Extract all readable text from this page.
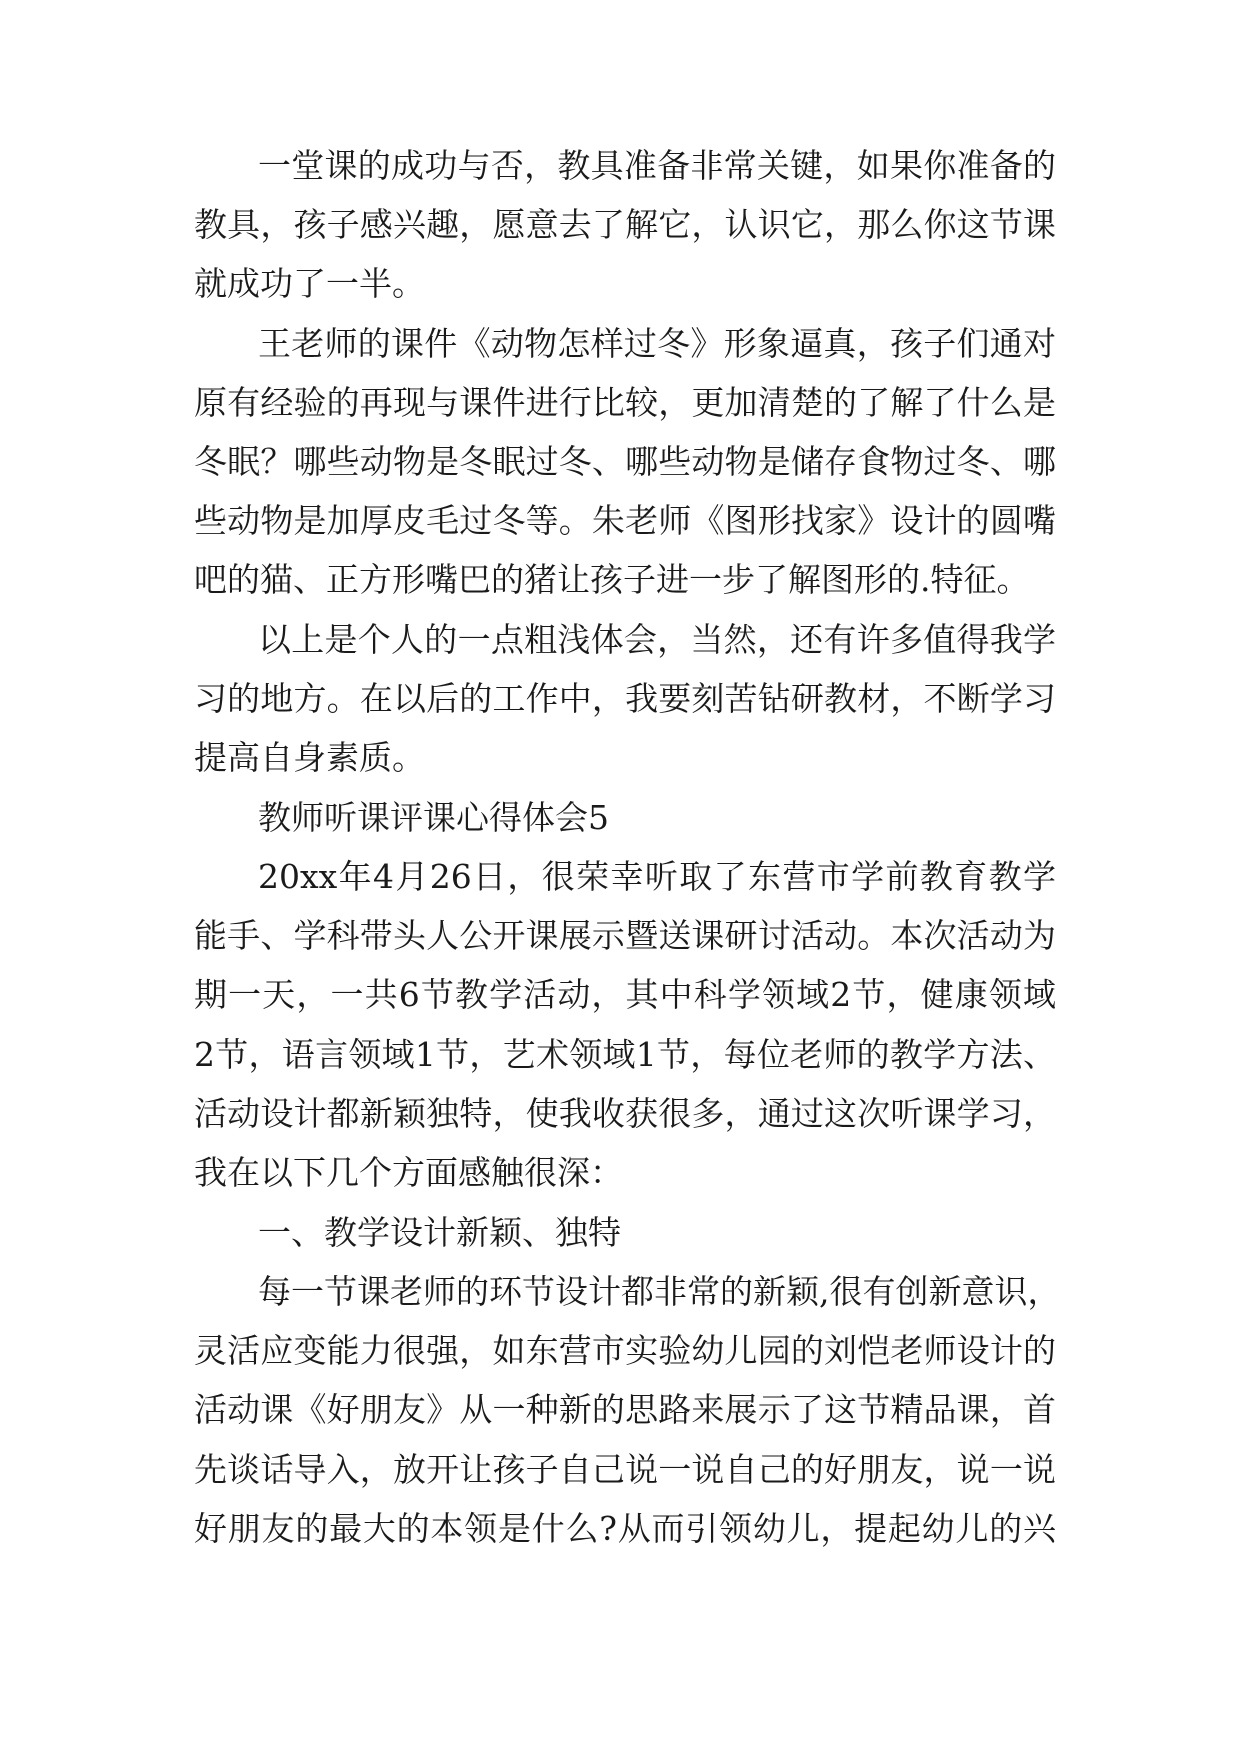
一堂课的成功与否，教具准备非常关键，如果你准备的
教具，孩子感兴趣，愿意去了解它，认识它，那么你这节课
就成功了一半。
王老师的课件《动物怎样过冬》形象逼真，孩子们通对
原有经验的再现与课件进行比较，更加清楚的了解了什么是
冬眠？哪些动物是冬眠过冬、哪些动物是储存食物过冬、哪
些动物是加厚皮毛过冬等。朱老师《图形找家》设计的圆嘴
吧的猫、正方形嘴巴的猪让孩子进一步了解图形的.特征。
以上是个人的一点粗浅体会，当然，还有许多值得我学
习的地方。在以后的工作中，我要刻苦钻研教材，不断学习
提高自身素质。
教师听课评课心得体会5
20xx年4月26日，很荣幸听取了东营市学前教育教学
能手、学科带头人公开课展示暨送课研讨活动。本次活动为
期一天，一共6节教学活动，其中科学领域2节，健康领域
2节，语言领域1节，艺术领域1节，每位老师的教学方法、
活动设计都新颖独特，使我收获很多，通过这次听课学习，
我在以下几个方面感触很深：
一、教学设计新颖、独特
每一节课老师的环节设计都非常的新颖,很有创新意识，
灵活应变能力很强，如东营市实验幼儿园的刘恺老师设计的
活动课《好朋友》从一种新的思路来展示了这节精品课，首
先谈话导入，放开让孩子自己说一说自己的好朋友，说一说
好朋友的最大的本领是什么?从而引领幼儿，提起幼儿的兴
